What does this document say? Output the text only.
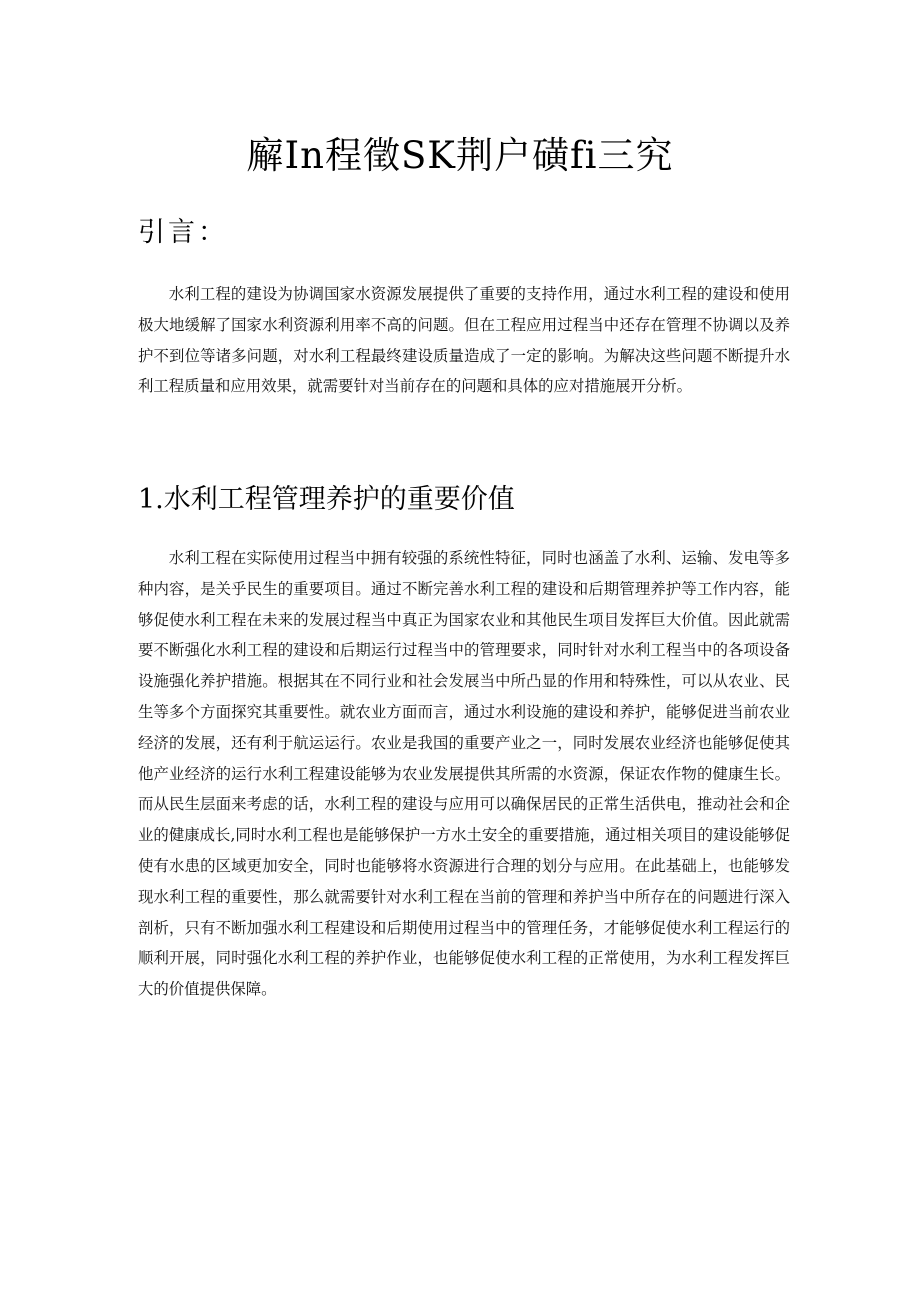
廨In程徵SK荆户磺fi三究
引言：

水利工程的建设为协调国家水资源发展提供了重要的支持作用，通过水利工程的建设和使用极大地缓解了国家水利资源利用率不高的问题。但在工程应用过程当中还存在管理不协调以及养护不到位等诸多问题，对水利工程最终建设质量造成了一定的影响。为解决这些问题不断提升水利工程质量和应用效果，就需要针对当前存在的问题和具体的应对措施展开分析。

1.水利工程管理养护的重要价值

水利工程在实际使用过程当中拥有较强的系统性特征，同时也涵盖了水利、运输、发电等多种内容，是关乎民生的重要项目。通过不断完善水利工程的建设和后期管理养护等工作内容，能够促使水利工程在未来的发展过程当中真正为国家农业和其他民生项目发挥巨大价值。因此就需要不断强化水利工程的建设和后期运行过程当中的管理要求，同时针对水利工程当中的各项设备设施强化养护措施。根据其在不同行业和社会发展当中所凸显的作用和特殊性，可以从农业、民生等多个方面探究其重要性。就农业方面而言，通过水利设施的建设和养护，能够促进当前农业经济的发展，还有利于航运运行。农业是我国的重要产业之一，同时发展农业经济也能够促使其他产业经济的运行水利工程建设能够为农业发展提供其所需的水资源，保证农作物的健康生长。而从民生层面来考虑的话，水利工程的建设与应用可以确保居民的正常生活供电，推动社会和企业的健康成长,同时水利工程也是能够保护一方水土安全的重要措施，通过相关项目的建设能够促使有水患的区域更加安全，同时也能够将水资源进行合理的划分与应用。在此基础上，也能够发现水利工程的重要性，那么就需要针对水利工程在当前的管理和养护当中所存在的问题进行深入剖析，只有不断加强水利工程建设和后期使用过程当中的管理任务，才能够促使水利工程运行的顺利开展，同时强化水利工程的养护作业，也能够促使水利工程的正常使用，为水利工程发挥巨大的价值提供保障。
